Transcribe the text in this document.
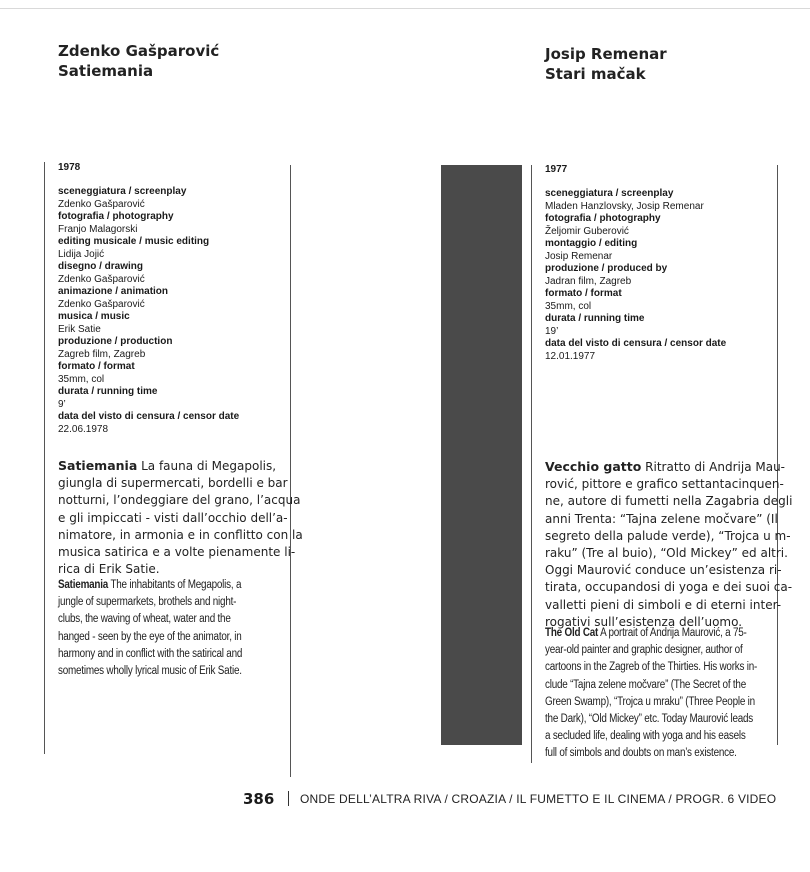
Zdenko Gašparović
Satiemania
1978
sceneggiatura / screenplay
Zdenko Gašparović
fotografia / photography
Franjo Malagorski
editing musicale / music editing
Lidija Jojić
disegno / drawing
Zdenko Gašparović
animazione / animation
Zdenko Gašparović
musica / music
Erik Satie
produzione / production
Zagreb film, Zagreb
formato / format
35mm, col
durata / running time
9’
data del visto di censura / censor date
22.06.1978
Satiemania La fauna di Megapolis,
giungla di supermercati, bordelli e bar
notturni, l’ondeggiare del grano, l’acqua
e gli impiccati - visti dall’occhio dell’a-
nimatore, in armonia e in conflitto con la
musica satirica e a volte pienamente li-
rica di Erik Satie.
Satiemania The inhabitants of Megapolis, a
jungle of supermarkets, brothels and night-
clubs, the waving of wheat, water and the
hanged - seen by the eye of the animator, in
harmony and in conflict with the satirical and
sometimes wholly lyrical music of Erik Satie.
Josip Remenar
Stari mačak
1977
sceneggiatura / screenplay
Mladen Hanzlovsky, Josip Remenar
fotografia / photography
Željomir Guberović
montaggio / editing
Josip Remenar
produzione / produced by
Jadran film, Zagreb
formato / format
35mm, col
durata / running time
19’
data del visto di censura / censor date
12.01.1977
Vecchio gatto Ritratto di Andrija Mau-
rović, pittore e grafico settantacinquen-
ne, autore di fumetti nella Zagabria degli
anni Trenta: “Tajna zelene močvare” (Il
segreto della palude verde), “Trojca u m-
raku” (Tre al buio), “Old Mickey” ed altri.
Oggi Maurović conduce un’esistenza ri-
tirata, occupandosi di yoga e dei suoi ca-
valletti pieni di simboli e di eterni inter-
rogativi sull’esistenza dell’uomo.
The Old Cat A portrait of Andrija Maurović, a 75-
year-old painter and graphic designer, author of
cartoons in the Zagreb of the Thirties. His works in-
clude “Tajna zelene močvare” (The Secret of the
Green Swamp), “Trojca u mraku” (Three People in
the Dark), “Old Mickey” etc. Today Maurović leads
a secluded life, dealing with yoga and his easels
full of simbols and doubts on man’s existence.
386 ONDE DELL’ALTRA RIVA / CROAZIA / IL FUMETTO E IL CINEMA / PROGR. 6 VIDEO
